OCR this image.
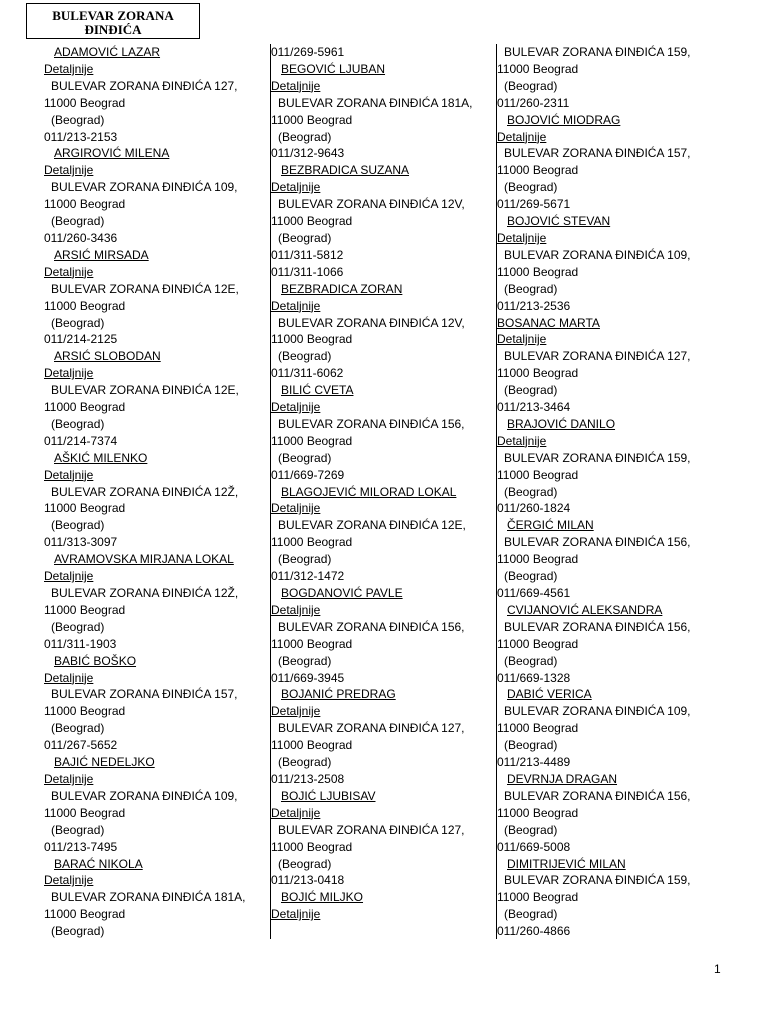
BULEVAR ZORANA
ĐINĐIĆA
ADAMOVIĆ LAZAR
Detaljnije
BULEVAR ZORANA ĐINĐIĆA 127,
11000 Beograd
(Beograd)
011/213-2153
ARGIROVIĆ MILENA
Detaljnije
BULEVAR ZORANA ĐINĐIĆA 109,
11000 Beograd
(Beograd)
011/260-3436
ARSIĆ MIRSADA
Detaljnije
BULEVAR ZORANA ĐINĐIĆA 12E,
11000 Beograd
(Beograd)
011/214-2125
ARSIĆ SLOBODAN
Detaljnije
BULEVAR ZORANA ĐINĐIĆA 12E,
11000 Beograd
(Beograd)
011/214-7374
AŠKIĆ MILENKO
Detaljnije
BULEVAR ZORANA ĐINĐIĆA 12Ž,
11000 Beograd
(Beograd)
011/313-3097
AVRAMOVSKA MIRJANA LOKAL
Detaljnije
BULEVAR ZORANA ĐINĐIĆA 12Ž,
11000 Beograd
(Beograd)
011/311-1903
BABIĆ BOŠKO
Detaljnije
BULEVAR ZORANA ĐINĐIĆA 157,
11000 Beograd
(Beograd)
011/267-5652
BAJIĆ NEDELJKO
Detaljnije
BULEVAR ZORANA ĐINĐIĆA 109,
11000 Beograd
(Beograd)
011/213-7495
BARAĆ NIKOLA
Detaljnije
BULEVAR ZORANA ĐINĐIĆA 181A,
11000 Beograd
(Beograd)
011/269-5961
BEGOVIĆ LJUBAN
Detaljnije
BULEVAR ZORANA ĐINĐIĆA 181A,
11000 Beograd
(Beograd)
011/312-9643
BEZBRADICA SUZANA
Detaljnije
BULEVAR ZORANA ĐINĐIĆA 12V,
11000 Beograd
(Beograd)
011/311-5812
011/311-1066
BEZBRADICA ZORAN
Detaljnije
BULEVAR ZORANA ĐINĐIĆA 12V,
11000 Beograd
(Beograd)
011/311-6062
BILIĆ CVETA
Detaljnije
BULEVAR ZORANA ĐINĐIĆA 156,
11000 Beograd
(Beograd)
011/669-7269
BLAGOJEVIĆ MILORAD LOKAL
Detaljnije
BULEVAR ZORANA ĐINĐIĆA 12E,
11000 Beograd
(Beograd)
011/312-1472
BOGDANOVIĆ PAVLE
Detaljnije
BULEVAR ZORANA ĐINĐIĆA 156,
11000 Beograd
(Beograd)
011/669-3945
BOJANIĆ PREDRAG
Detaljnije
BULEVAR ZORANA ĐINĐIĆA 127,
11000 Beograd
(Beograd)
011/213-2508
BOJIĆ LJUBISAV
Detaljnije
BULEVAR ZORANA ĐINĐIĆA 127,
11000 Beograd
(Beograd)
011/213-0418
BOJIĆ MILJKO
Detaljnije
BULEVAR ZORANA ĐINĐIĆA 159,
11000 Beograd
(Beograd)
011/260-2311
BOJOVIĆ MIODRAG
Detaljnije
BULEVAR ZORANA ĐINĐIĆA 157,
11000 Beograd
(Beograd)
011/269-5671
BOJOVIĆ STEVAN
Detaljnije
BULEVAR ZORANA ĐINĐIĆA 109,
11000 Beograd
(Beograd)
011/213-2536
BOSANAC MARTA
Detaljnije
BULEVAR ZORANA ĐINĐIĆA 127,
11000 Beograd
(Beograd)
011/213-3464
BRAJOVIĆ DANILO
Detaljnije
BULEVAR ZORANA ĐINĐIĆA 159,
11000 Beograd
(Beograd)
011/260-1824
ČERGIĆ MILAN
BULEVAR ZORANA ĐINĐIĆA 156,
11000 Beograd
(Beograd)
011/669-4561
CVIJANOVIĆ ALEKSANDRA
BULEVAR ZORANA ĐINĐIĆA 156,
11000 Beograd
(Beograd)
011/669-1328
DABIĆ VERICA
BULEVAR ZORANA ĐINĐIĆA 109,
11000 Beograd
(Beograd)
011/213-4489
DEVRNJA DRAGAN
BULEVAR ZORANA ĐINĐIĆA 156,
11000 Beograd
(Beograd)
011/669-5008
DIMITRIJEVIĆ MILAN
BULEVAR ZORANA ĐINĐIĆA 159,
11000 Beograd
(Beograd)
011/260-4866
1
